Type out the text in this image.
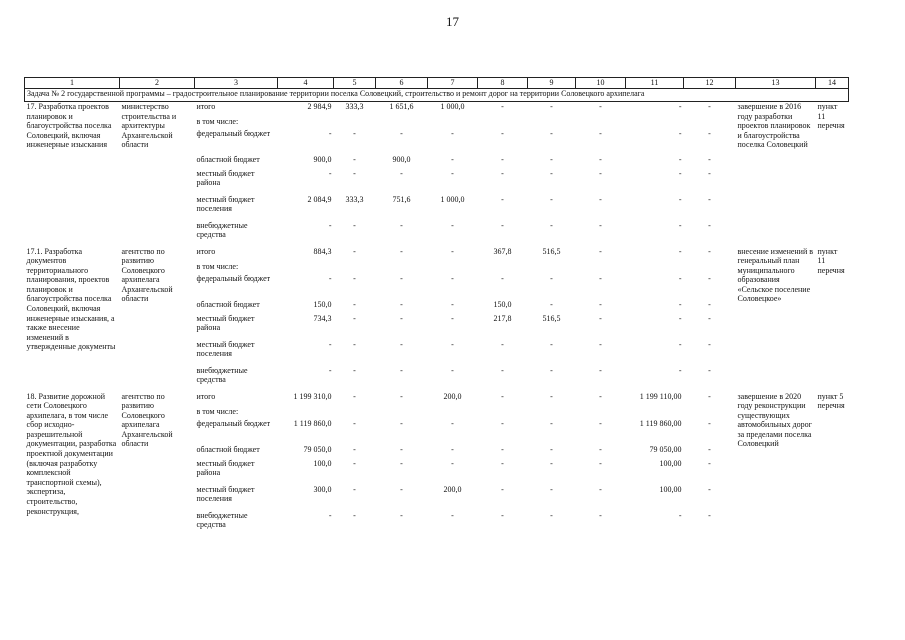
17
1	2	3	4	5	6	7	8	9	10	11	12	13	14
Задача № 2 государственной программы – градостроительное планирование территории поселка Соловецкий, строительство и ремонт дорог на территории Соловецкого архипелага													
17. Разработка проектов планировок и благоустройства поселка Соловецкий, включая инженерные изыскания	министерство строительства и архитектуры Архангельской области	итого	2 984,9	333,3	1 651,6	1 000,0	-	-	-	-	-	завершение в 2016 году разработки проектов планировок и благоустройства поселка Соловецкий	пункт 11 перечня
		в том числе:											
		федеральный бюджет	-	-	-	-	-	-	-	-	-		
		областной бюджет	900,0	-	900,0	-	-	-	-	-	-		
		местный бюджет района	-	-	-	-	-	-	-	-	-		
		местный бюджет поселения	2 084,9	333,3	751,6	1 000,0	-	-	-	-	-		
		внебюджетные средства	-	-	-	-	-	-	-	-	-		
17.1. Разработка документов территориального планирования, проектов планировок и благоустройства поселка Соловецкий, включая инженерные изыскания, а также внесение изменений в утвержденные документы	агентство по развитию Соловецкого архипелага Архангельской области	итого	884,3	-	-	-	367,8	516,5	-	-	-	внесение изменений в генеральный план муниципального образования «Сельское поселение Соловецкое»	пункт 11 перечня
		в том числе:											
		федеральный бюджет	-	-	-	-	-	-	-	-	-		
		областной бюджет	150,0	-	-	-	150,0	-	-	-	-		
		местный бюджет района	734,3	-	-	-	217,8	516,5	-	-	-		
		местный бюджет поселения	-	-	-	-	-	-	-	-	-		
		внебюджетные средства	-	-	-	-	-	-	-	-	-		
18. Развитие дорожной сети Соловецкого архипелага, в том числе сбор исходно-разрешительной документации, разработка проектной документации (включая разработку комплексной транспортной схемы), экспертиза, строительство, реконструкция,	агентство по развитию Соловецкого архипелага Архангельской области	итого	1 199 310,0	-	-	200,0	-	-	-	1 199 110,00	-	завершение в 2020 году реконструкции существующих автомобильных дорог за пределами поселка Соловецкий	пункт 5 перечня
		в том числе:											
		федеральный бюджет	1 119 860,0	-	-	-	-	-	-	1 119 860,00	-		
		областной бюджет	79 050,0	-	-	-	-	-	-	79 050,00	-		
		местный бюджет района	100,0	-	-	-	-	-	-	100,00	-		
		местный бюджет поселения	300,0	-	-	200,0	-	-	-	100,00	-		
		внебюджетные средства	-	-	-	-	-	-	-	-	-		
